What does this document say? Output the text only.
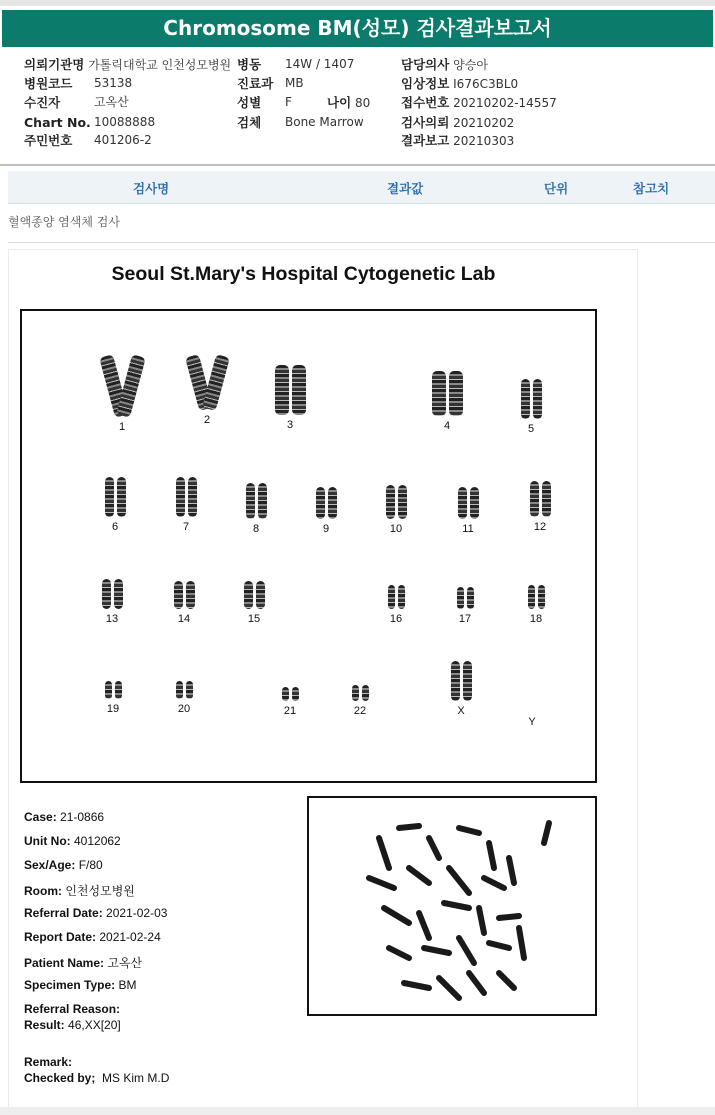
Chromosome BM(성모) 검사결과보고서
의뢰기관명 가톨릭대학교 인천성모병원
병원코드 53138
수진자	고옥산
Chart No. 10088888
주민번호 401206-2
병동 14W / 1407
진료과 MB
성별 F	나이 80
검체 Bone Marrow
담당의사 양승아
임상정보 I676C3BL0
접수번호 20210202-14557
검사의뢰 20210202
결과보고 20210303
검사명	결과값	단위	참고치
혈액종양 염색체 검사
Seoul St.Mary's Hospital Cytogenetic Lab
1
2	3	4	5
6	7	8	9	10	11	12
13	14	15	16	17	18
19	20	21	22	X
Y
Case: 21-0866
Unit No: 4012062
Sex/Age: F/80
Room: 인천성모병원
Referral Date: 2021-02-03
Report Date: 2021-02-24
Patient Name: 고옥산
Specimen Type: BM
Referral Reason:
Result: 46,XX[20]
Remark:
Checked by; MS Kim M.D
